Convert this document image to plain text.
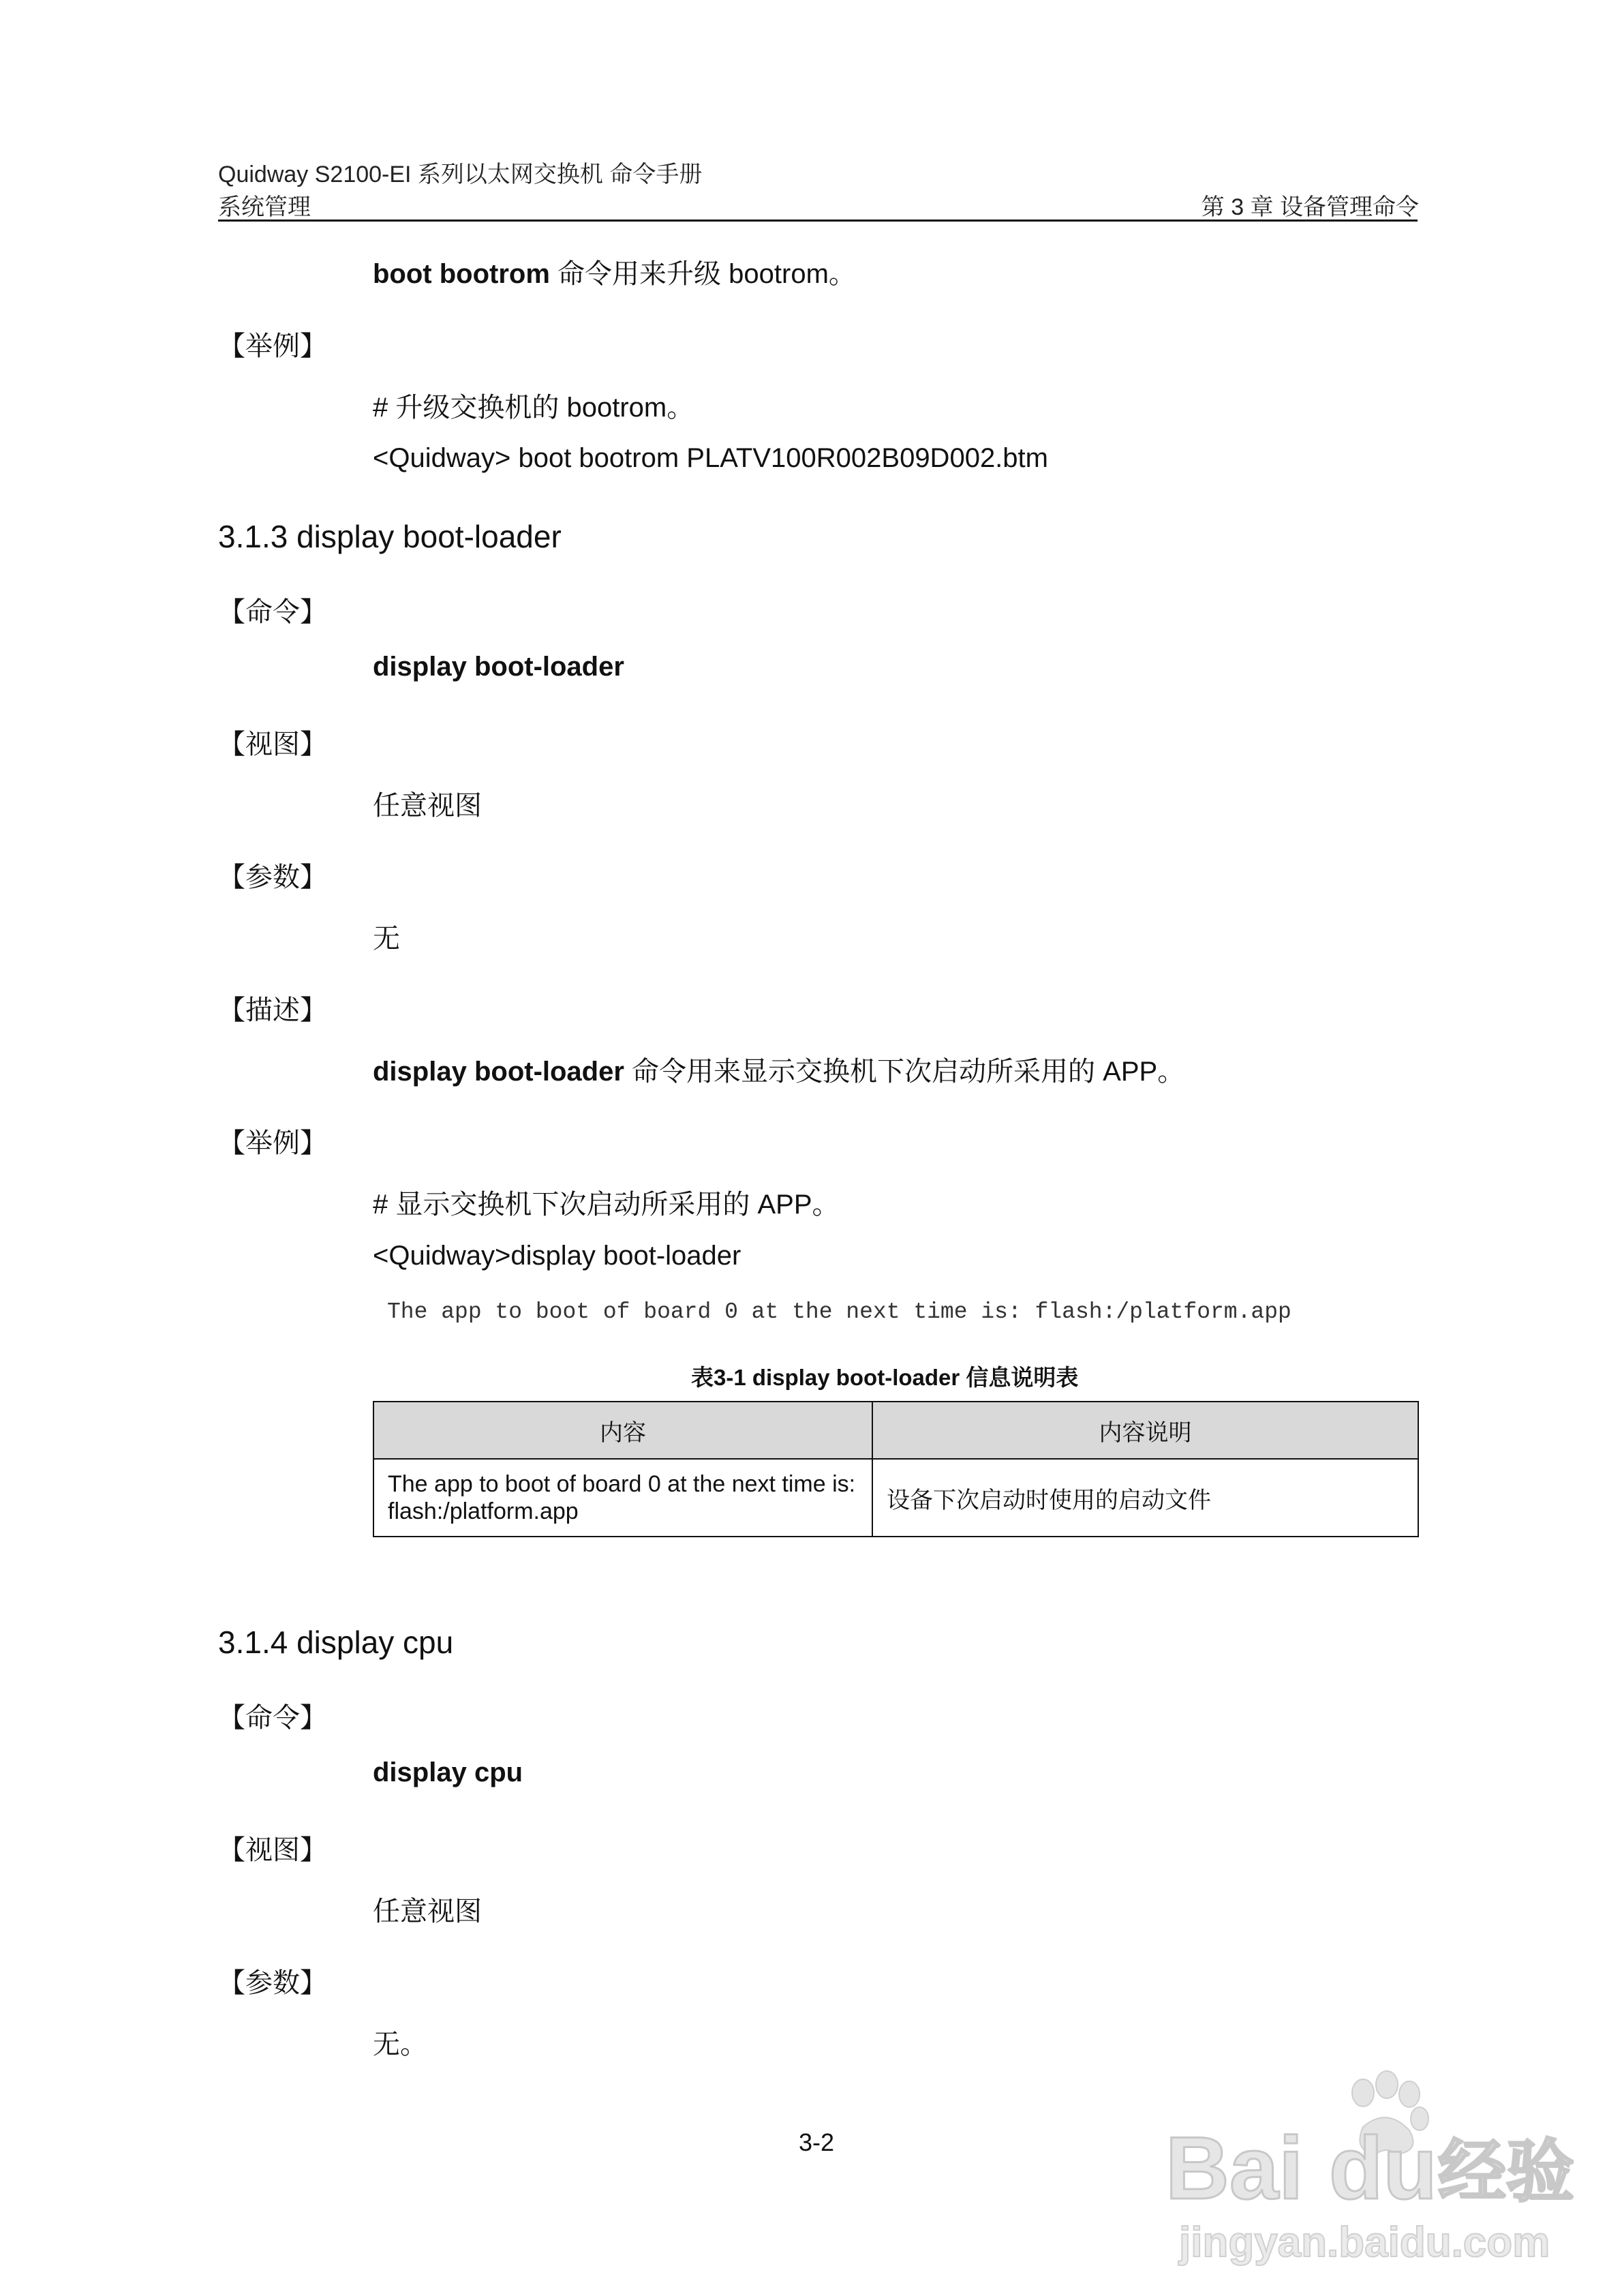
Quidway S2100-EI 系列以太网交换机 命令手册
系统管理	第 3 章 设备管理命令
boot bootrom 命令用来升级 bootrom。
【举例】
# 升级交换机的 bootrom。
<Quidway> boot bootrom PLATV100R002B09D002.btm
3.1.3 display boot-loader
【命令】
display boot-loader
【视图】
任意视图
【参数】
无
【描述】
display boot-loader 命令用来显示交换机下次启动所采用的 APP。
【举例】
# 显示交换机下次启动所采用的 APP。
<Quidway>display boot-loader
The app to boot of board 0 at the next time is: flash:/platform.app
表3-1 display boot-loader 信息说明表
内容	内容说明
The app to boot of board 0 at the next time is: flash:/platform.app	设备下次启动时使用的启动文件
3.1.4 display cpu
【命令】
display cpu
【视图】
任意视图
【参数】
无。
3-2	Bai du 经验
jingyan.baidu.com
